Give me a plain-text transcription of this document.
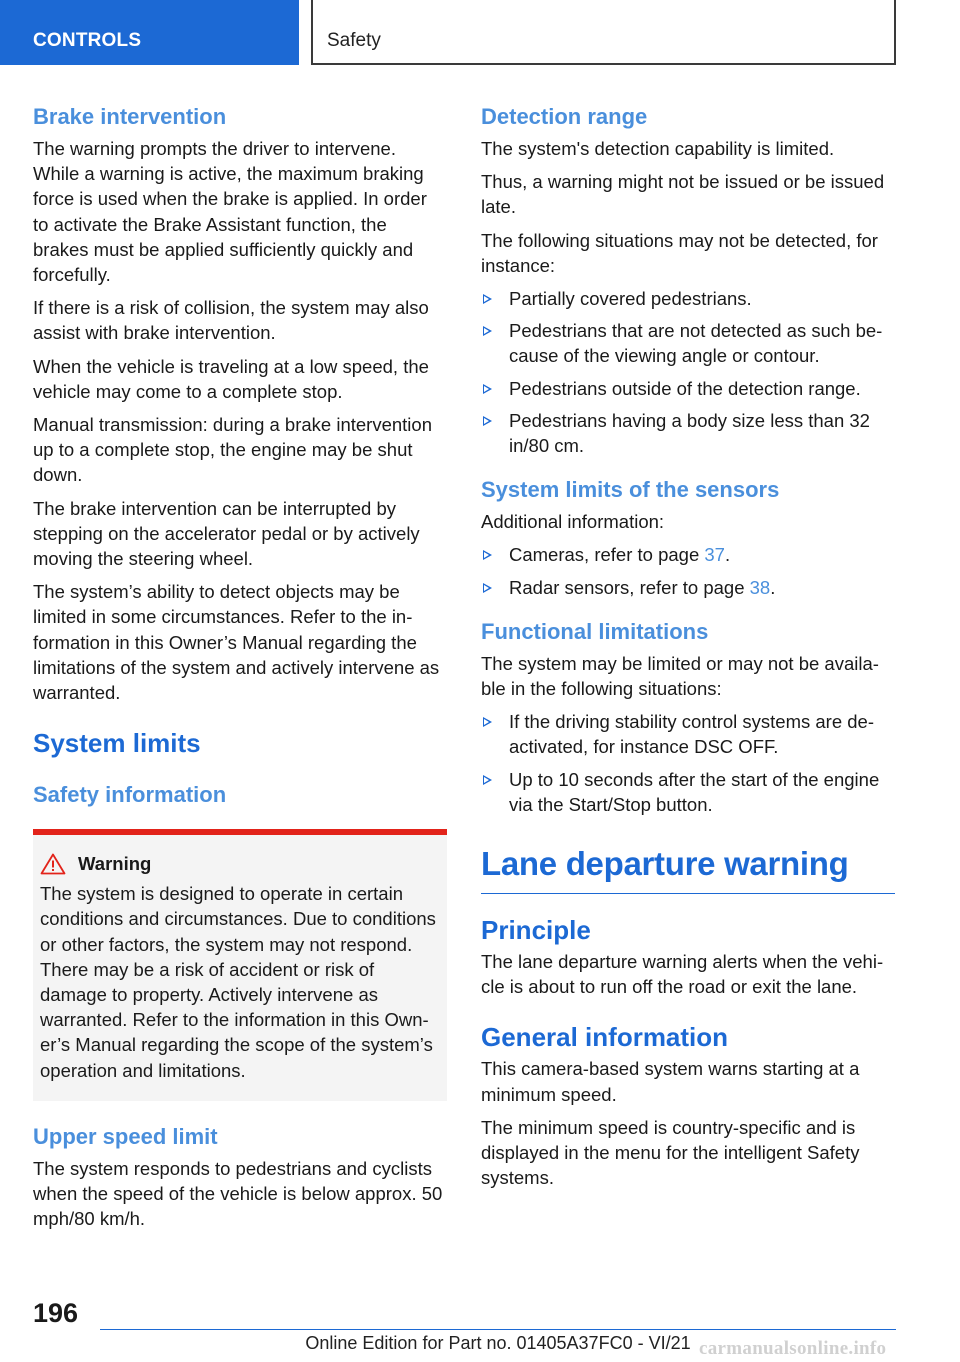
CONTROLS	Safety
Brake intervention

The warning prompts the driver to intervene. While a warning is active, the maximum braking force is used when the brake is applied. In order to activate the Brake Assistant function, the brakes must be applied sufficiently quickly and forcefully.

If there is a risk of collision, the system may also assist with brake intervention.

When the vehicle is traveling at a low speed, the vehicle may come to a complete stop.

Manual transmission: during a brake intervention up to a complete stop, the engine may be shut down.

The brake intervention can be interrupted by stepping on the accelerator pedal or by actively moving the steering wheel.

The system’s ability to detect objects may be limited in some circumstances. Refer to the information in this Owner’s Manual regarding the limitations of the system and actively intervene as warranted.

System limits
Safety information
Warning

The system is designed to operate in certain conditions and circumstances. Due to conditions or other factors, the system may not respond. There may be a risk of accident or risk of damage to property. Actively intervene as warranted. Refer to the information in this Owner’s Manual regarding the scope of the system’s operation and limitations.

Upper speed limit

The system responds to pedestrians and cyclists when the speed of the vehicle is below approx. 50 mph/80 km/h.

Detection range

The system's detection capability is limited.

Thus, a warning might not be issued or be issued late.

The following situations may not be detected, for instance:

Partially covered pedestrians.
Pedestrians that are not detected as such because of the viewing angle or contour.
Pedestrians outside of the detection range.
Pedestrians having a body size less than 32 in/80 cm.
System limits of the sensors

Additional information:

Cameras, refer to page 37.
Radar sensors, refer to page 38.
Functional limitations

The system may be limited or may not be available in the following situations:

If the driving stability control systems are deactivated, for instance DSC OFF.
Up to 10 seconds after the start of the engine via the Start/Stop button.
Lane departure warning
Principle

The lane departure warning alerts when the vehicle is about to run off the road or exit the lane.

General information

This camera-based system warns starting at a minimum speed.

The minimum speed is country-specific and is displayed in the menu for the intelligent Safety systems.

196
Online Edition for Part no. 01405A37FC0 - VI/21 carmanualsonline.info
